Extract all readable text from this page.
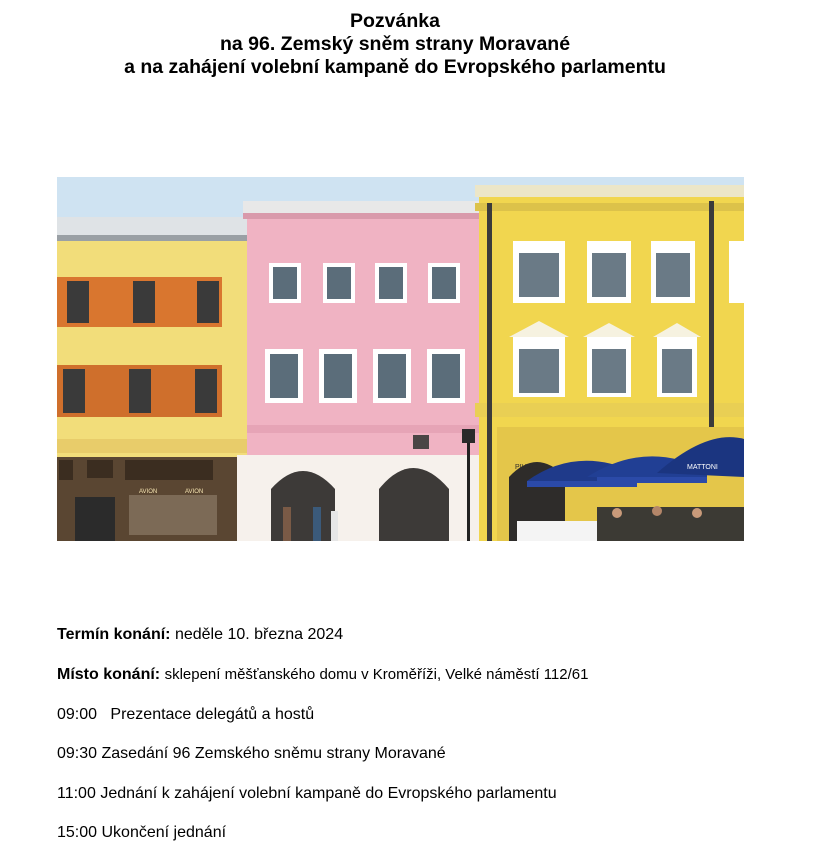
Pozvánka
na 96. Zemský sněm strany Moravané
a na zahájení volební kampaně do Evropského parlamentu
AVION	AVION
PIVNICE	MATTONI
Termín konání: neděle 10. března 2024
Místo konání: sklepení měšťanského domu v Kroměříži, Velké náměstí 112/61
09:00 Prezentace delegátů a hostů
09:30 Zasedání 96 Zemského sněmu strany Moravané
11:00 Jednání k zahájení volební kampaně do Evropského parlamentu
15:00 Ukončení jednání
